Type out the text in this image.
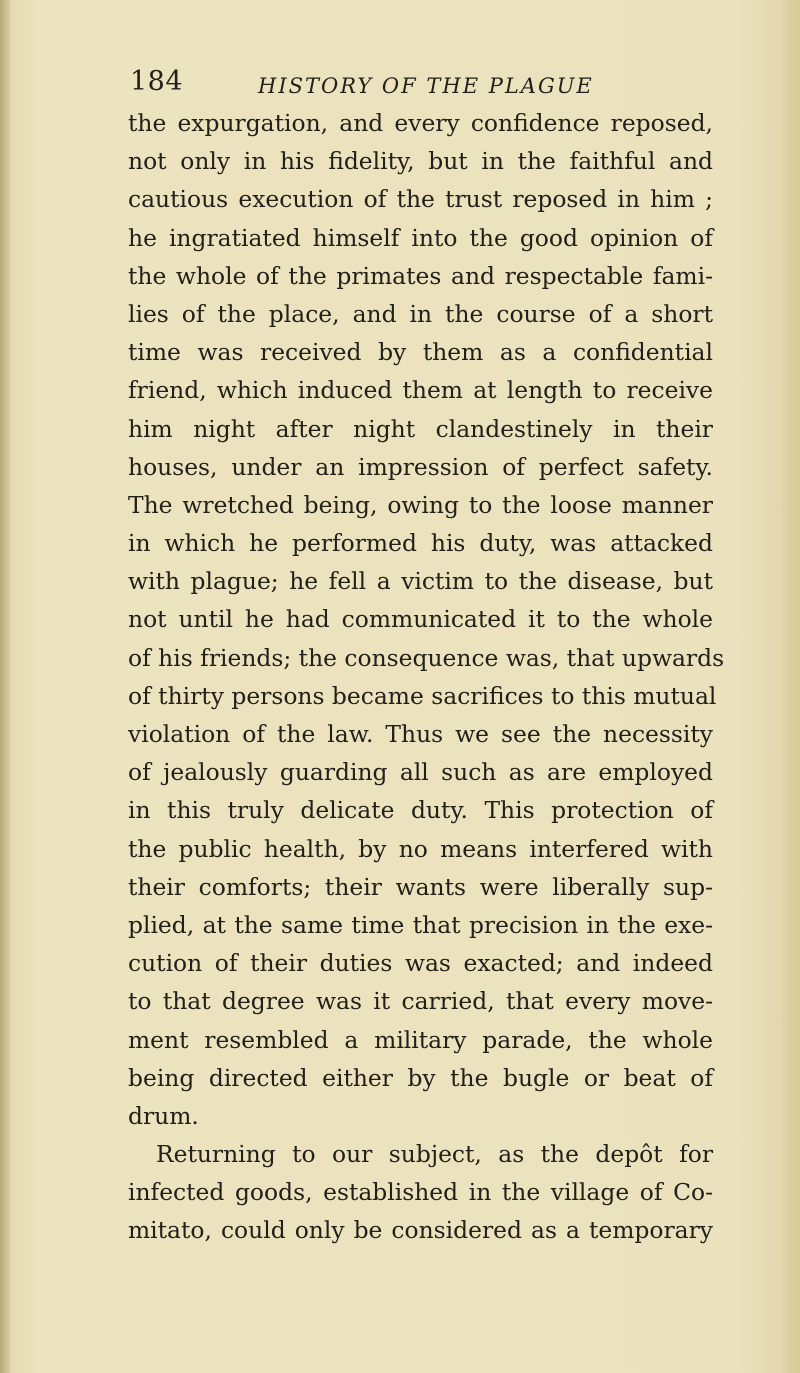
184	HISTORY OF THE PLAGUE
the expurgation, and every confidence reposed,
not only in his fidelity, but in the faithful and
cautious execution of the trust reposed in him ;
he ingratiated himself into the good opinion of
the whole of the primates and respectable fami-
lies of the place, and in the course of a short
time was received by them as a confidential
friend, which induced them at length to receive
him night after night clandestinely in their
houses, under an impression of perfect safety.
The wretched being, owing to the loose manner
in which he performed his duty, was attacked
with plague; he fell a victim to the disease, but
not until he had communicated it to the whole
of his friends; the consequence was, that upwards
of thirty persons became sacrifices to this mutual
violation of the law. Thus we see the necessity
of jealously guarding all such as are employed
in this truly delicate duty. This protection of
the public health, by no means interfered with
their comforts; their wants were liberally sup-
plied, at the same time that precision in the exe-
cution of their duties was exacted; and indeed
to that degree was it carried, that every move-
ment resembled a military parade, the whole
being directed either by the bugle or beat of
drum.
Returning to our subject, as the depôt for
infected goods, established in the village of Co-
mitato, could only be considered as a temporary
